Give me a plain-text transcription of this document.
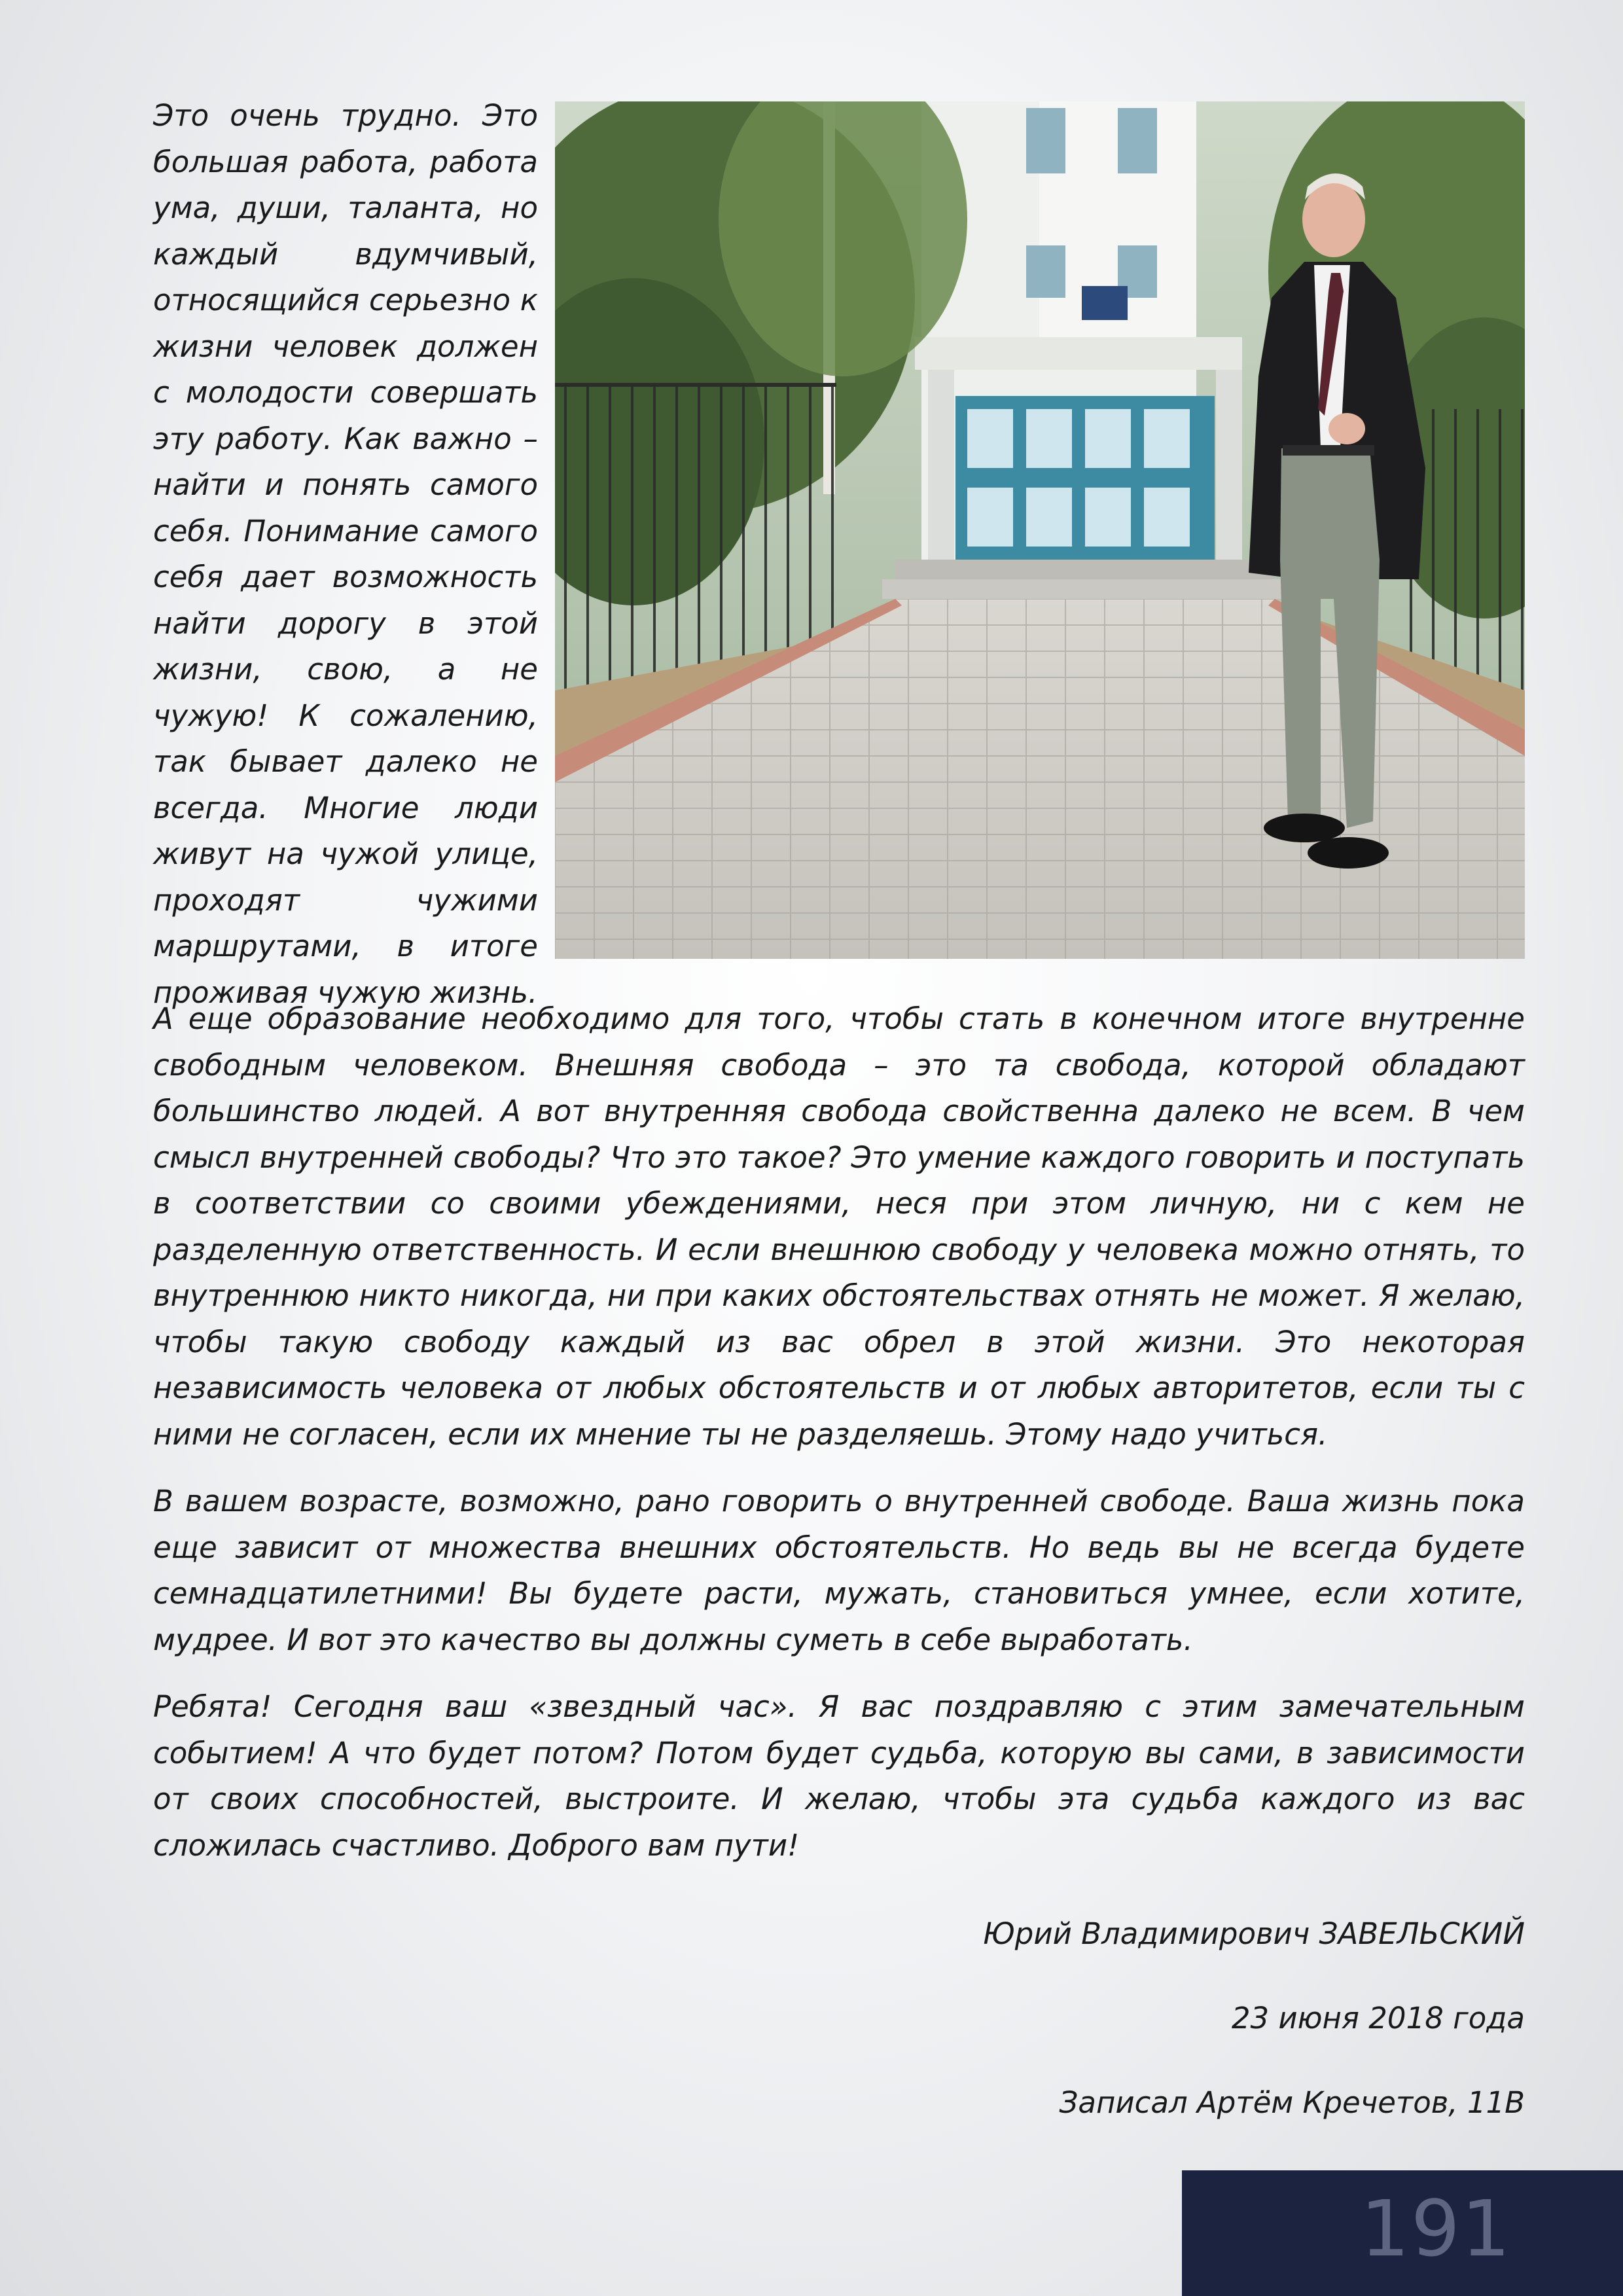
Это очень трудно. Это большая работа, работа ума, души, таланта, но каждый вдумчивый, относящийся серьезно к жизни человек должен с молодости совершать эту работу. Как важно – найти и понять самого себя. Понимание самого себя дает возможность найти дорогу в этой жизни, свою, а не чужую! К сожалению, так бывает далеко не всегда. Многие люди живут на чужой улице, проходят чужими маршрутами, в итоге проживая чужую жизнь.

А еще образование необходимо для того, чтобы стать в конечном итоге внутренне свободным человеком. Внешняя свобода – это та свобода, которой обладают большинство людей. А вот внутренняя свобода свойственна далеко не всем. В чем смысл внутренней свободы? Что это такое? Это умение каждого говорить и поступать в соответствии со своими убеждениями, неся при этом личную, ни с кем не разделенную ответственность. И если внешнюю свободу у человека можно отнять, то внутреннюю никто никогда, ни при каких обстоятельствах отнять не может. Я желаю, чтобы такую свободу каждый из вас обрел в этой жизни. Это некоторая независимость человека от любых обстоятельств и от любых авторитетов, если ты с ними не согласен, если их мнение ты не разделяешь. Этому надо учиться.

В вашем возрасте, возможно, рано говорить о внутренней свободе. Ваша жизнь пока еще зависит от множества внешних обстоятельств. Но ведь вы не всегда будете семнадцатилетними! Вы будете расти, мужать, становиться умнее, если хотите, мудрее. И вот это качество вы должны суметь в себе выработать.

Ребята! Сегодня ваш «звездный час». Я вас поздравляю с этим замечательным событием! А что будет потом? Потом будет судьба, которую вы сами, в зависимости от своих способностей, выстроите. И желаю, чтобы эта судьба каждого из вас сложилась счастливо. Доброго вам пути!

Юрий Владимирович ЗАВЕЛЬСКИЙ
23 июня 2018 года
Записал Артём Кречетов, 11В
191
